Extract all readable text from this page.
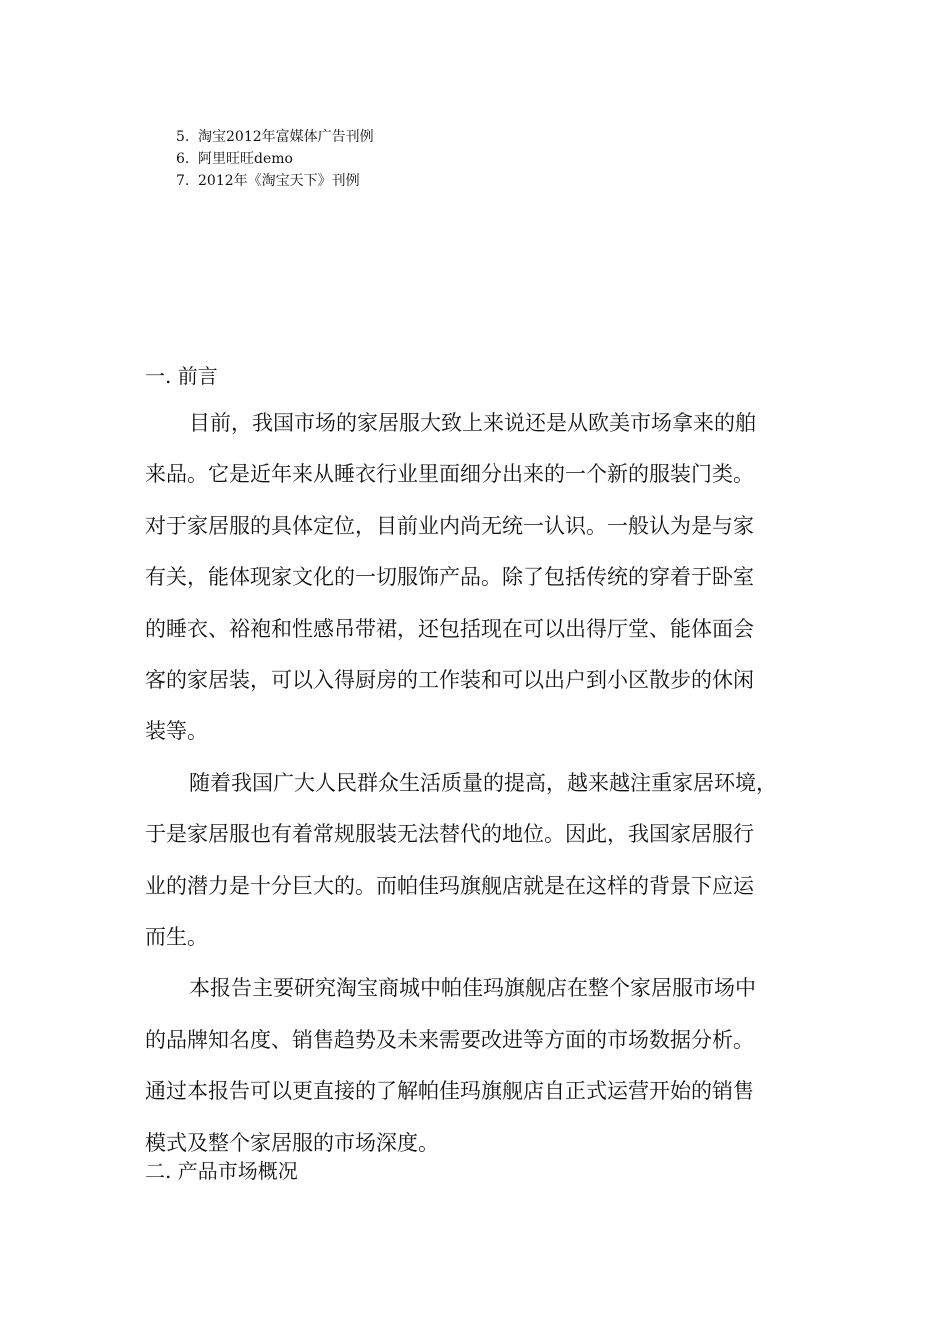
5. 淘宝2012年富媒体广告刊例
6. 阿里旺旺demo
7. 2012年《淘宝天下》刊例
一. 前言

目前，我国市场的家居服大致上来说还是从欧美市场拿来的舶
来品。它是近年来从睡衣行业里面细分出来的一个新的服装门类。
对于家居服的具体定位，目前业内尚无统一认识。一般认为是与家
有关，能体现家文化的一切服饰产品。除了包括传统的穿着于卧室
的睡衣、裕袍和性感吊带裙，还包括现在可以出得厅堂、能体面会
客的家居装，可以入得厨房的工作装和可以出户到小区散步的休闲
装等。

随着我国广大人民群众生活质量的提高，越来越注重家居环境，
于是家居服也有着常规服装无法替代的地位。因此，我国家居服行
业的潜力是十分巨大的。而帕佳玛旗舰店就是在这样的背景下应运
而生。

本报告主要研究淘宝商城中帕佳玛旗舰店在整个家居服市场中
的品牌知名度、销售趋势及未来需要改进等方面的市场数据分析。
通过本报告可以更直接的了解帕佳玛旗舰店自正式运营开始的销售
模式及整个家居服的市场深度。

二. 产品市场概况
